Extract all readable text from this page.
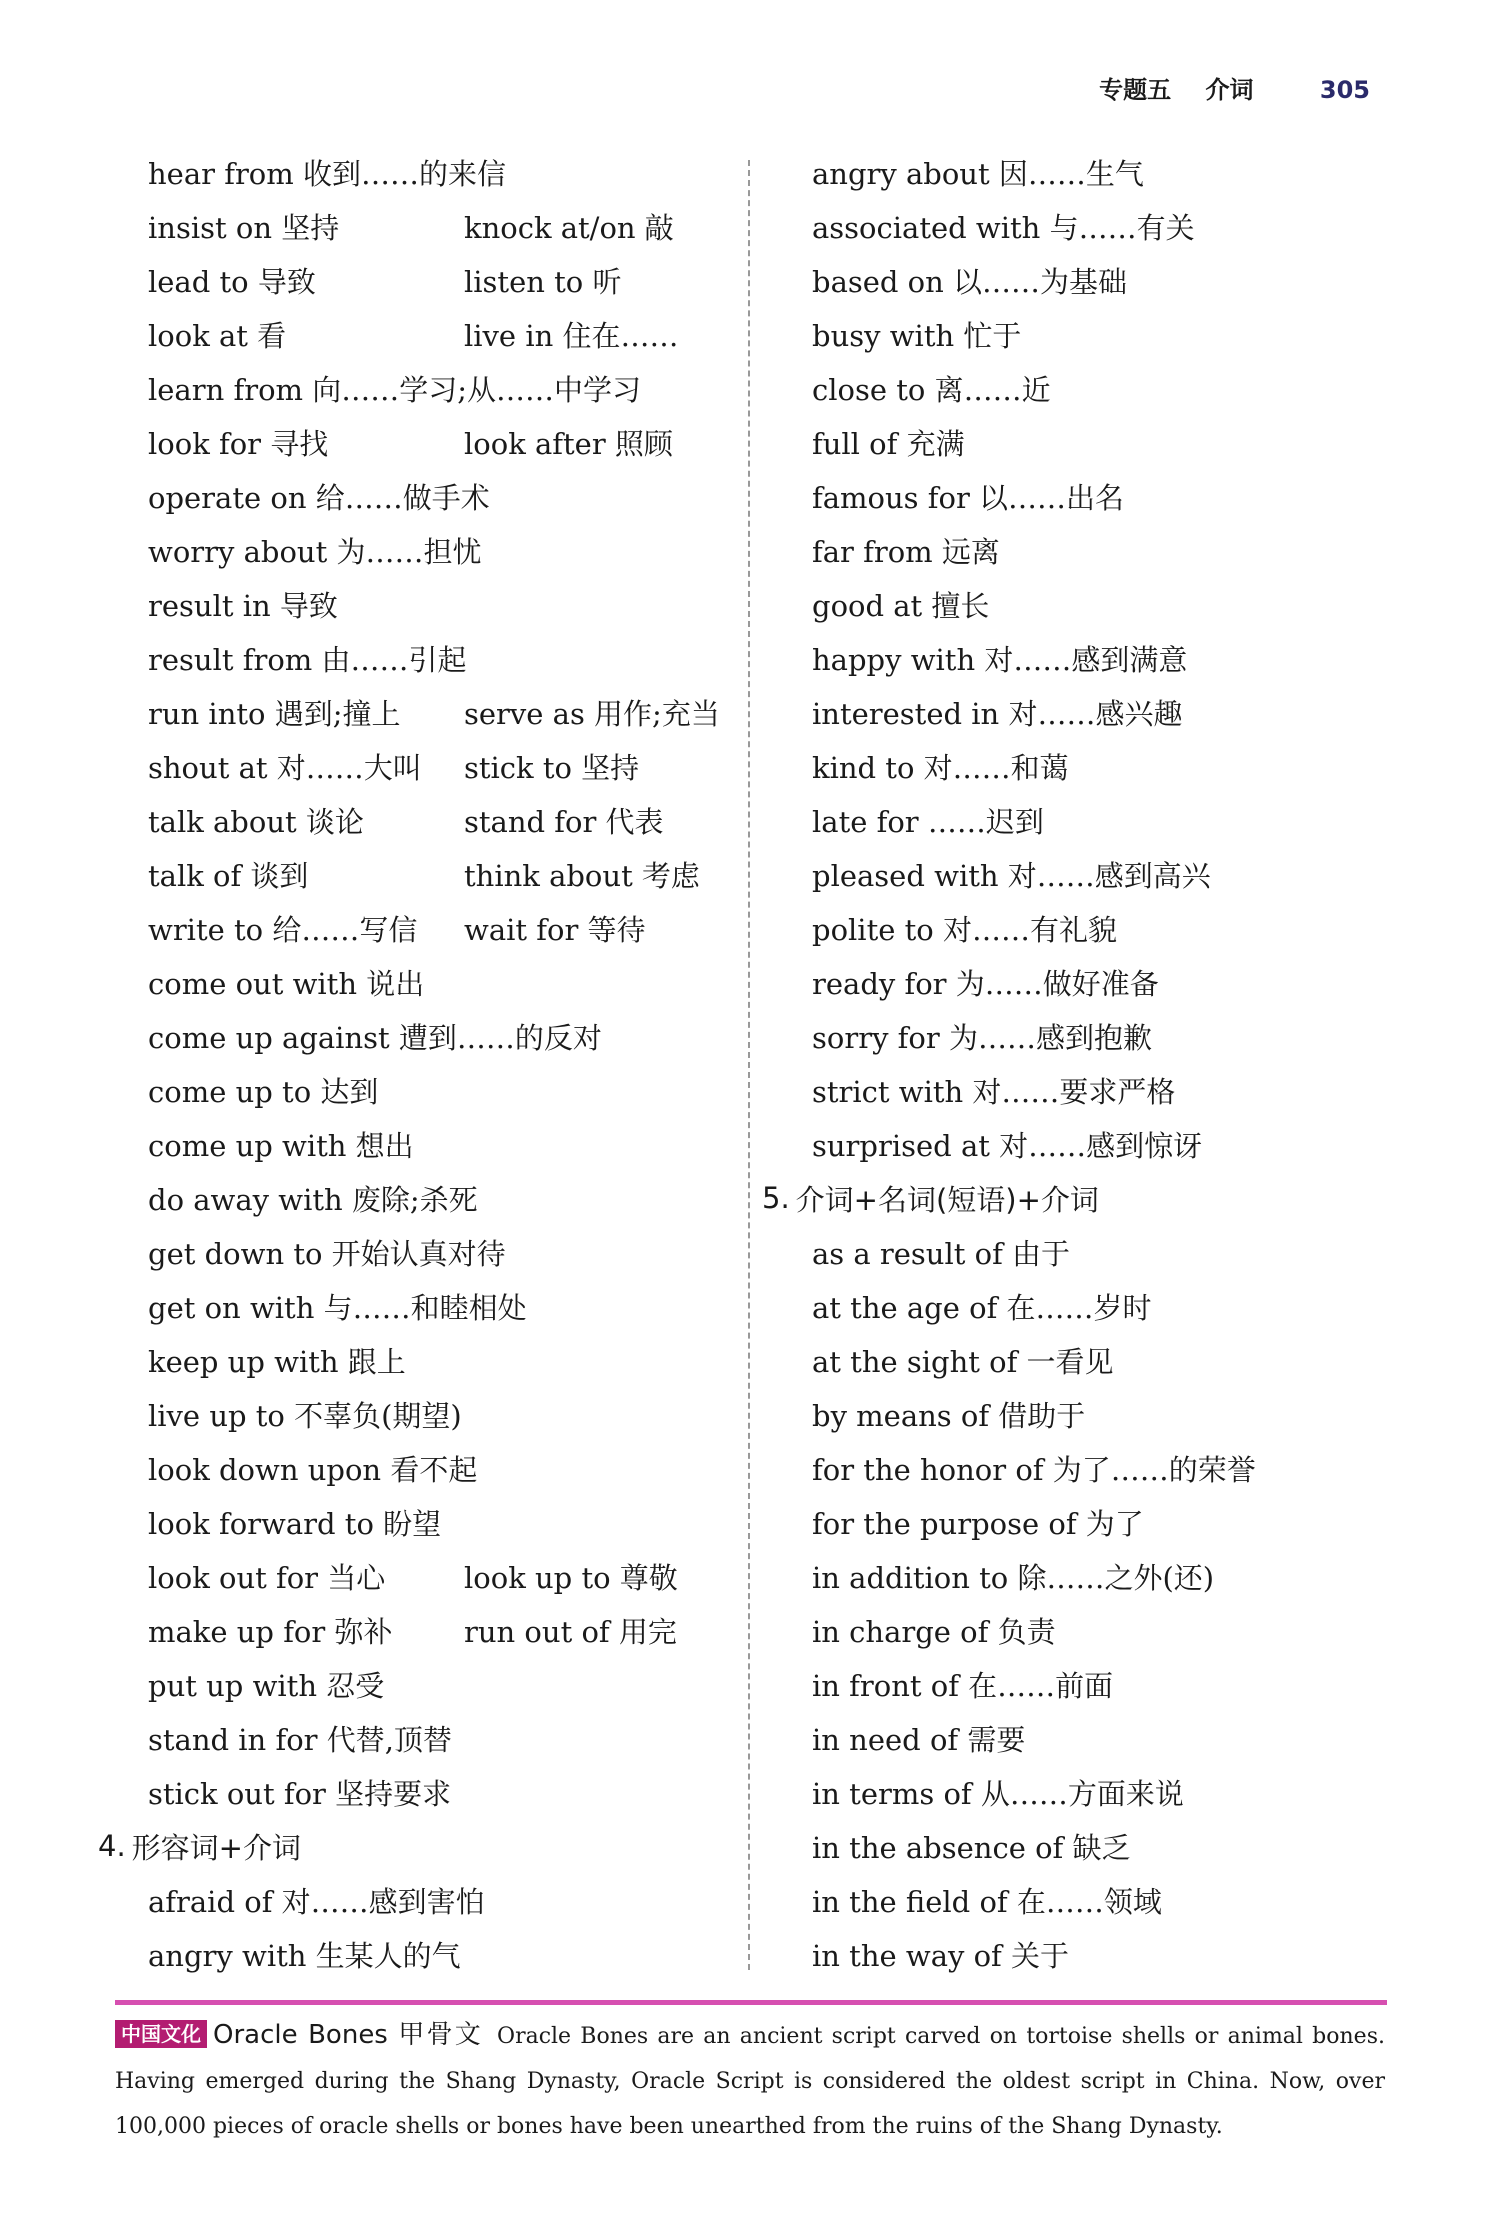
专题五 介词	305
hear from 收到……的来信
insist on 坚持	knock at/on 敲
lead to 导致	listen to 听
look at 看	live in 住在……
learn from 向……学习;从……中学习
look for 寻找	look after 照顾
operate on 给……做手术
worry about 为……担忧
result in 导致
result from 由……引起
run into 遇到;撞上	serve as 用作;充当
shout at 对……大叫	stick to 坚持
talk about 谈论	stand for 代表
talk of 谈到	think about 考虑
write to 给……写信	wait for 等待
come out with 说出
come up against 遭到……的反对
come up to 达到
come up with 想出
do away with 废除;杀死
get down to 开始认真对待
get on with 与……和睦相处
keep up with 跟上
live up to 不辜负(期望)
look down upon 看不起
look forward to 盼望
look out for 当心	look up to 尊敬
make up for 弥补	run out of 用完
put up with 忍受
stand in for 代替,顶替
stick out for 坚持要求
4. 形容词+介词
afraid of 对……感到害怕
angry with 生某人的气
angry about 因……生气
associated with 与……有关
based on 以……为基础
busy with 忙于
close to 离……近
full of 充满
famous for 以……出名
far from 远离
good at 擅长
happy with 对……感到满意
interested in 对……感兴趣
kind to 对……和蔼
late for ……迟到
pleased with 对……感到高兴
polite to 对……有礼貌
ready for 为……做好准备
sorry for 为……感到抱歉
strict with 对……要求严格
surprised at 对……感到惊讶
5. 介词+名词(短语)+介词
as a result of 由于
at the age of 在……岁时
at the sight of 一看见
by means of 借助于
for the honor of 为了……的荣誉
for the purpose of 为了
in addition to 除……之外(还)
in charge of 负责
in front of 在……前面
in need of 需要
in terms of 从……方面来说
in the absence of 缺乏
in the field of 在……领域
in the way of 关于
中国文化 Oracle Bones 甲骨文 Oracle Bones are an ancient script carved on tortoise shells or animal bones. Having emerged during the Shang Dynasty, Oracle Script is considered the oldest script in China. Now, over 100,000 pieces of oracle shells or bones have been unearthed from the ruins of the Shang Dynasty.
